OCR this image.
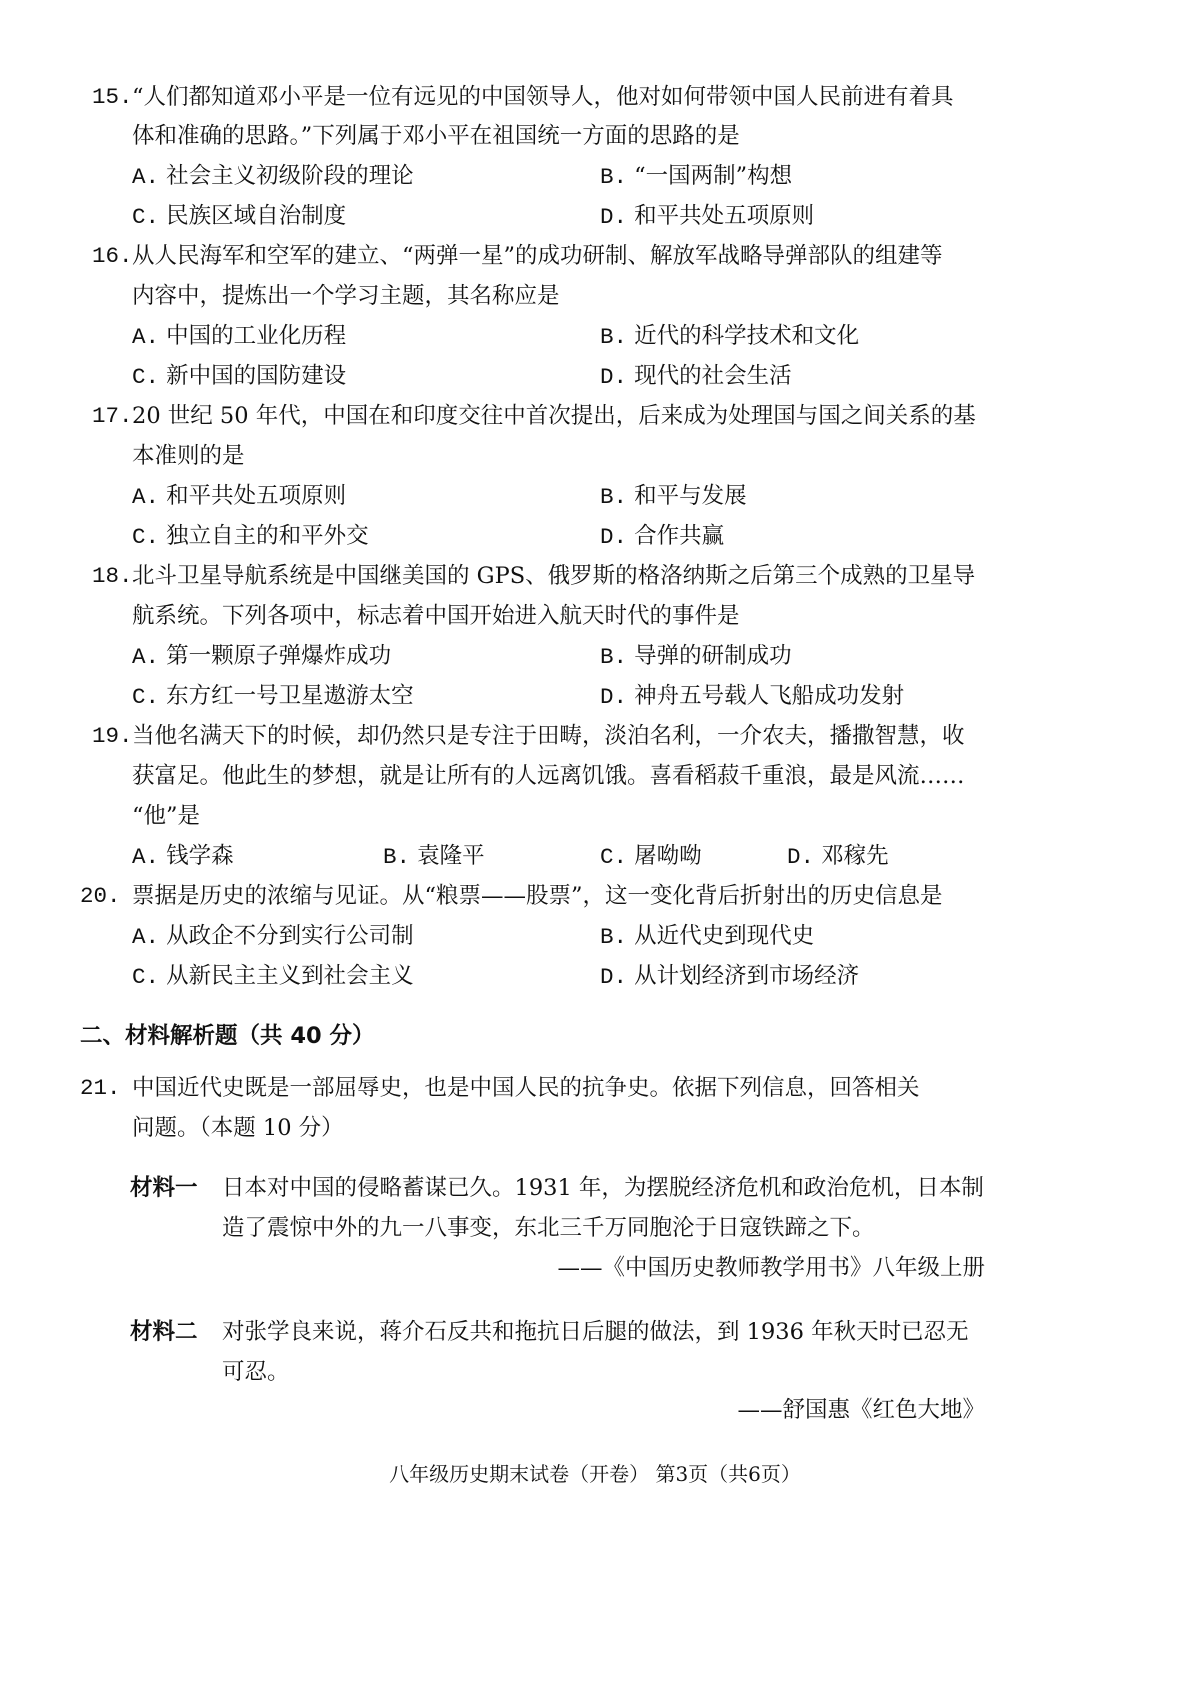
15. “人们都知道邓小平是一位有远见的中国领导人，他对如何带领中国人民前进有着具
体和准确的思路。”下列属于邓小平在祖国统一方面的思路的是
A. 社会主义初级阶段的理论	B. “一国两制”构想
C. 民族区域自治制度	D. 和平共处五项原则
16. 从人民海军和空军的建立、“两弹一星”的成功研制、解放军战略导弹部队的组建等
内容中，提炼出一个学习主题，其名称应是
A. 中国的工业化历程	B. 近代的科学技术和文化
C. 新中国的国防建设	D. 现代的社会生活
17. 20 世纪 50 年代，中国在和印度交往中首次提出，后来成为处理国与国之间关系的基
本准则的是
A. 和平共处五项原则	B. 和平与发展
C. 独立自主的和平外交	D. 合作共赢
18. 北斗卫星导航系统是中国继美国的 GPS、俄罗斯的格洛纳斯之后第三个成熟的卫星导
航系统。下列各项中，标志着中国开始进入航天时代的事件是
A. 第一颗原子弹爆炸成功	B. 导弹的研制成功
C. 东方红一号卫星遨游太空	D. 神舟五号载人飞船成功发射
19. 当他名满天下的时候，却仍然只是专注于田畴，淡泊名利，一介农夫，播撒智慧，收
获富足。他此生的梦想，就是让所有的人远离饥饿。喜看稻菽千重浪，最是风流……
“他”是
A. 钱学森	B. 袁隆平	C. 屠呦呦	D. 邓稼先
20. 票据是历史的浓缩与见证。从“粮票——股票”，这一变化背后折射出的历史信息是
A. 从政企不分到实行公司制	B. 从近代史到现代史
C. 从新民主主义到社会主义	D. 从计划经济到市场经济
二、材料解析题（共 40 分）
21. 中国近代史既是一部屈辱史，也是中国人民的抗争史。依据下列信息，回答相关
问题。（本题 10 分）
材料一 日本对中国的侵略蓄谋已久。1931 年，为摆脱经济危机和政治危机，日本制
造了震惊中外的九一八事变，东北三千万同胞沦于日寇铁蹄之下。
——《中国历史教师教学用书》八年级上册
材料二 对张学良来说，蒋介石反共和拖抗日后腿的做法，到 1936 年秋天时已忍无
可忍。
——舒国惠《红色大地》
八年级历史期末试卷（开卷） 第3页（共6页）
